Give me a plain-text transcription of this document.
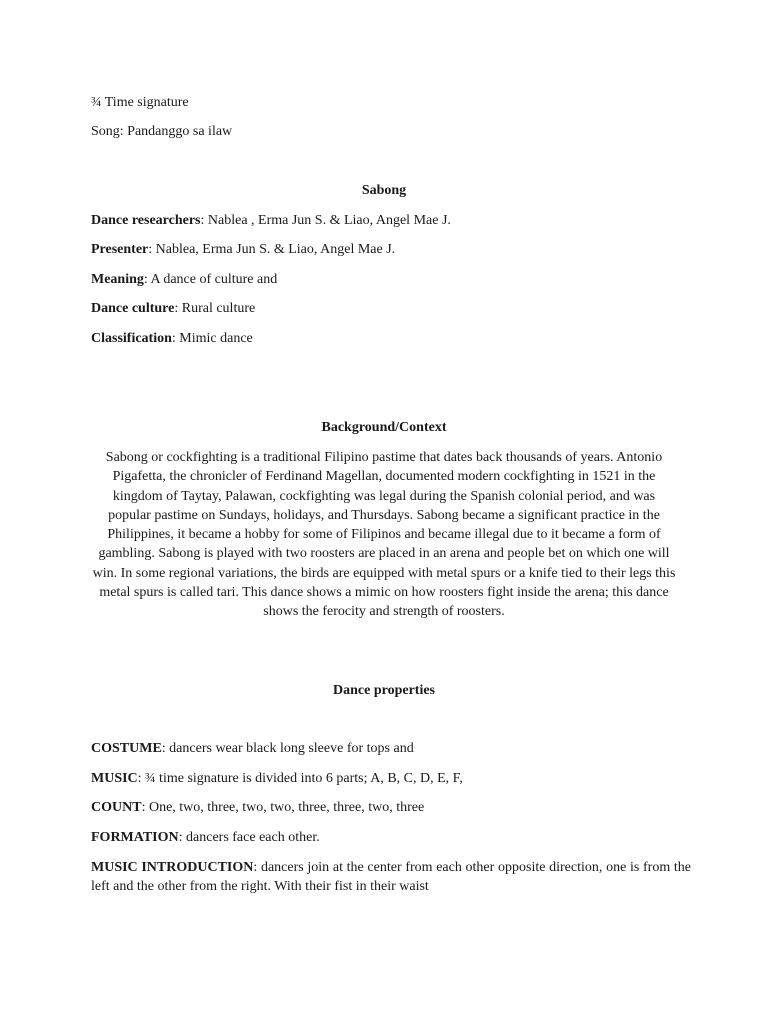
¾ Time signature
Song: Pandanggo sa ilaw
Sabong
Dance researchers: Nablea , Erma Jun S. & Liao, Angel Mae J.
Presenter: Nablea, Erma Jun S. & Liao, Angel Mae J.
Meaning: A dance of culture and
Dance culture: Rural culture
Classification: Mimic dance
Background/Context
Sabong or cockfighting is a traditional Filipino pastime that dates back thousands of years. Antonio Pigafetta, the chronicler of Ferdinand Magellan, documented modern cockfighting in 1521 in the kingdom of Taytay, Palawan, cockfighting was legal during the Spanish colonial period, and was popular pastime on Sundays, holidays, and Thursdays. Sabong became a significant practice in the Philippines, it became a hobby for some of Filipinos and became illegal due to it became a form of gambling. Sabong is played with two roosters are placed in an arena and people bet on which one will win. In some regional variations, the birds are equipped with metal spurs or a knife tied to their legs this metal spurs is called tari. This dance shows a mimic on how roosters fight inside the arena; this dance shows the ferocity and strength of roosters.
Dance properties
COSTUME: dancers wear black long sleeve for tops and
MUSIC: ¾ time signature is divided into 6 parts; A, B, C, D, E, F,
COUNT: One, two, three, two, two, three, three, two, three
FORMATION: dancers face each other.
MUSIC INTRODUCTION: dancers join at the center from each other opposite direction, one is from the left and the other from the right. With their fist in their waist
